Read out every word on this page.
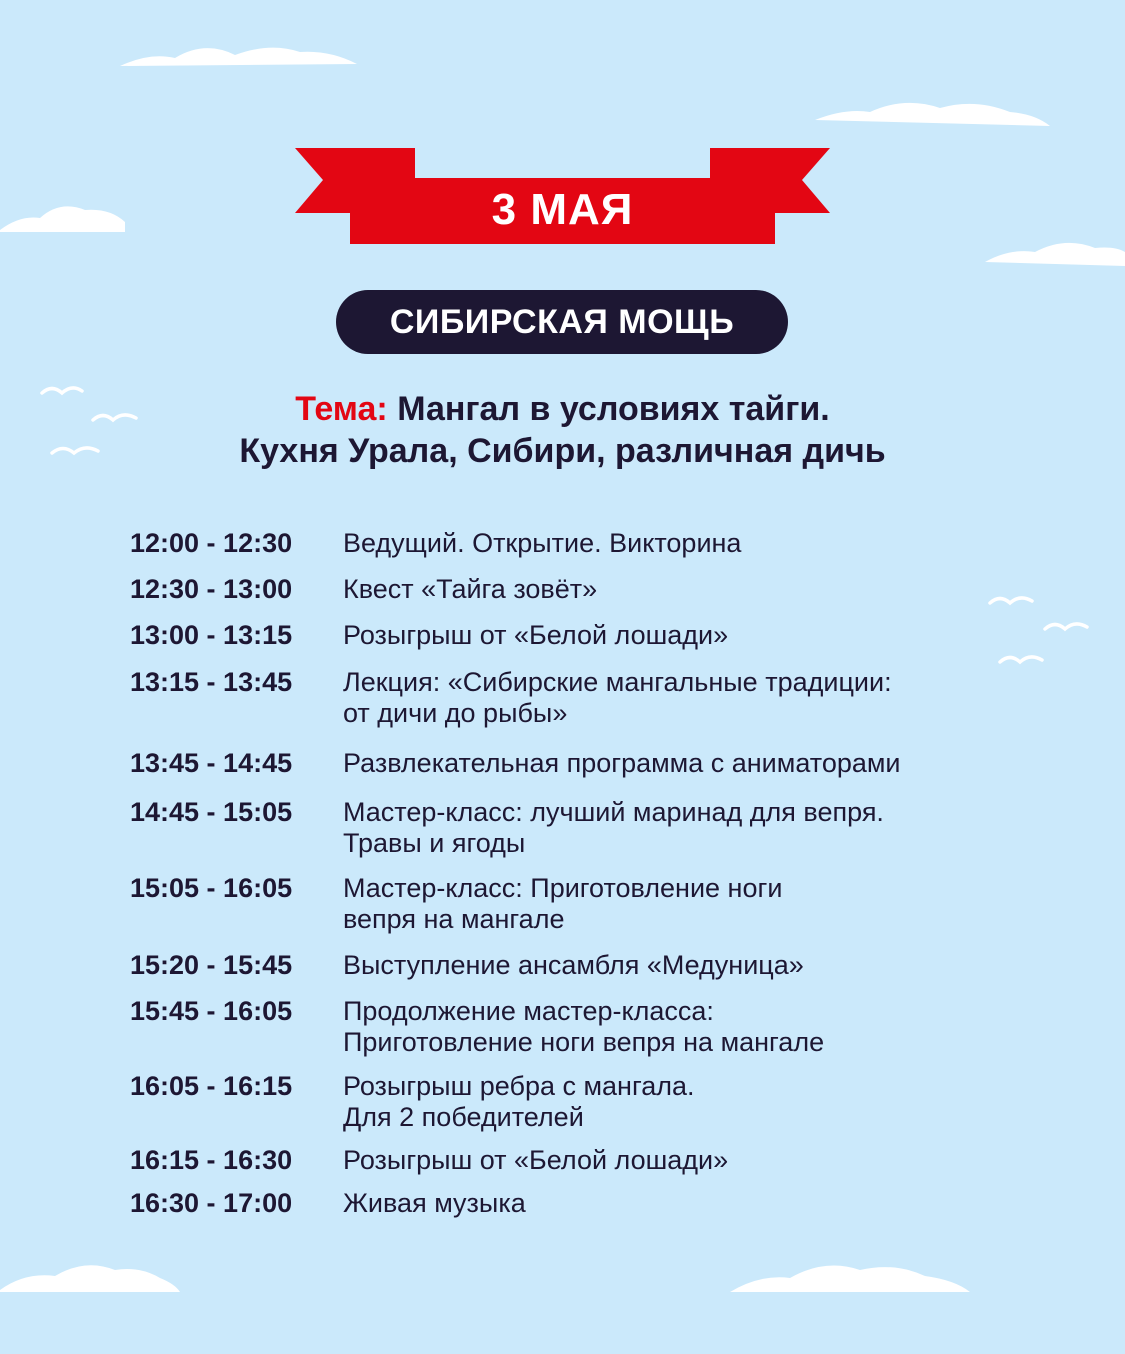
3 МАЯ
СИБИРСКАЯ МОЩЬ
Тема: Мангал в условиях тайги.
Кухня Урала, Сибири, различная дичь
12:00 - 12:30	Ведущий. Открытие. Викторина
12:30 - 13:00	Квест «Тайга зовёт»
13:00 - 13:15	Розыгрыш от «Белой лошади»
13:15 - 13:45	Лекция: «Сибирские мангальные традиции:
от дичи до рыбы»
13:45 - 14:45	Развлекательная программа с аниматорами
14:45 - 15:05	Мастер-класс: лучший маринад для вепря.
Травы и ягоды
15:05 - 16:05	Мастер-класс: Приготовление ноги
вепря на мангале
15:20 - 15:45	Выступление ансамбля «Медуница»
15:45 - 16:05	Продолжение мастер-класса:
Приготовление ноги вепря на мангале
16:05 - 16:15	Розыгрыш ребра с мангала.
Для 2 победителей
16:15 - 16:30	Розыгрыш от «Белой лошади»
16:30 - 17:00	Живая музыка
